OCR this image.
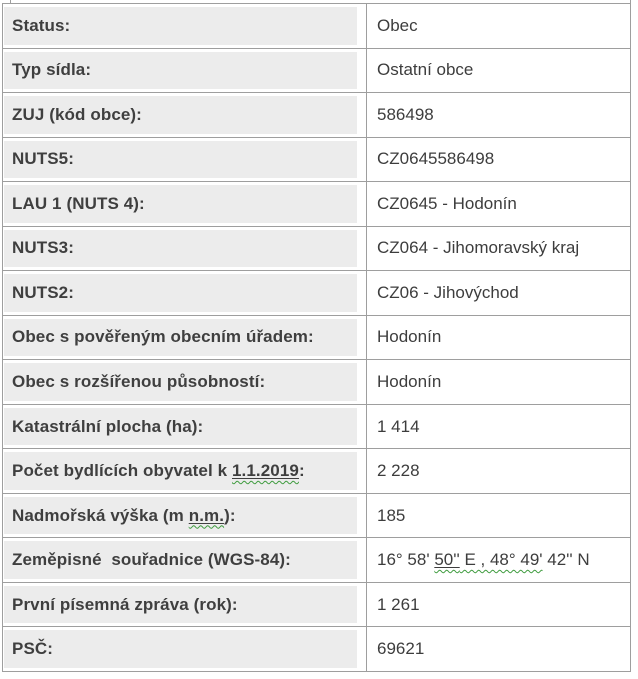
Status:	Obec
Typ sídla:	Ostatní obce
ZUJ (kód obce):	586498
NUTS5:	CZ0645586498
LAU 1 (NUTS 4):	CZ0645 - Hodonín
NUTS3:	CZ064 - Jihomoravský kraj
NUTS2:	CZ06 - Jihovýchod
Obec s pověřeným obecním úřadem:	Hodonín
Obec s rozšířenou působností:	Hodonín
Katastrální plocha (ha):	1 414
Počet bydlících obyvatel k 1.1.2019:	2 228
Nadmořská výška (m n.m.):	185
Zeměpisné  souřadnice (WGS-84):	16° 58' 50'' E , 48° 49' 42'' N
První písemná zpráva (rok):	1 261
PSČ:	69621
